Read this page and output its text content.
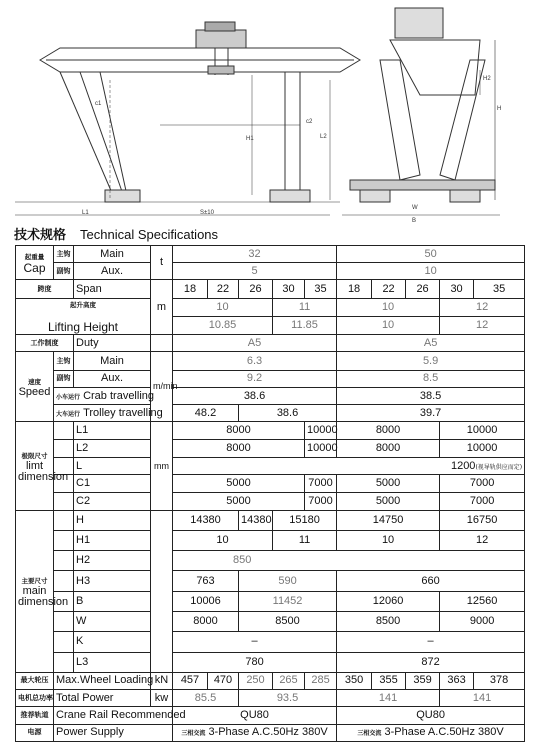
L1	S±10
c1
c2
H1	L2
H2
B
W
H
技术规格 Technical Specifications
起重量
Cap	主钩	Main	t	32					50				
	副钩	Aux.		5					10				
跨度		Span	m	18	22	26	30	35	18	22	26	30	35
起升高度

Lifting Height				10			11		10			12	
				10.85			11.85		10			12	
工作制度		Duty		A5					A5				
速度
Speed	主钩	Main	m/min	6.3					5.9				
	副钩	Aux.		9.2					8.5				
	小车运行 Crab travelling			38.6					38.5				
	大车运行 Trolley travelling			48.2		38.6			39.7				
极限尺寸
limt
dimension		L1	mm	8000				10000	8000			10000	
		L2		8000				10000	8000			10000	
		L		1200(视导轨供应而定)									
		C1		5000				7000	5000			7000	
		C2		5000				7000	5000			7000	
主要尺寸
main
dimension		H		14380		14380	15180		14750			16750	
		H1		10			11		10			12	
		H2		850									
		H3		763		590			660				
		B		10006		11452			12060			12560	
		W		8000		8500			8500			9000	
		K		–					–				
		L3		780					872				
最大轮压	Max.Wheel Loading		kN	457	470	250	265	285	350	355	359	363	378
电机总功率	Total Power		kw	85.5		93.5			141			141	
推荐轨道	Crane Rail Recommended			QU80					QU80				
电源	Power Supply			三相交流 3-Phase A.C.50Hz 380V					三相交流 3-Phase A.C.50Hz 380V				
